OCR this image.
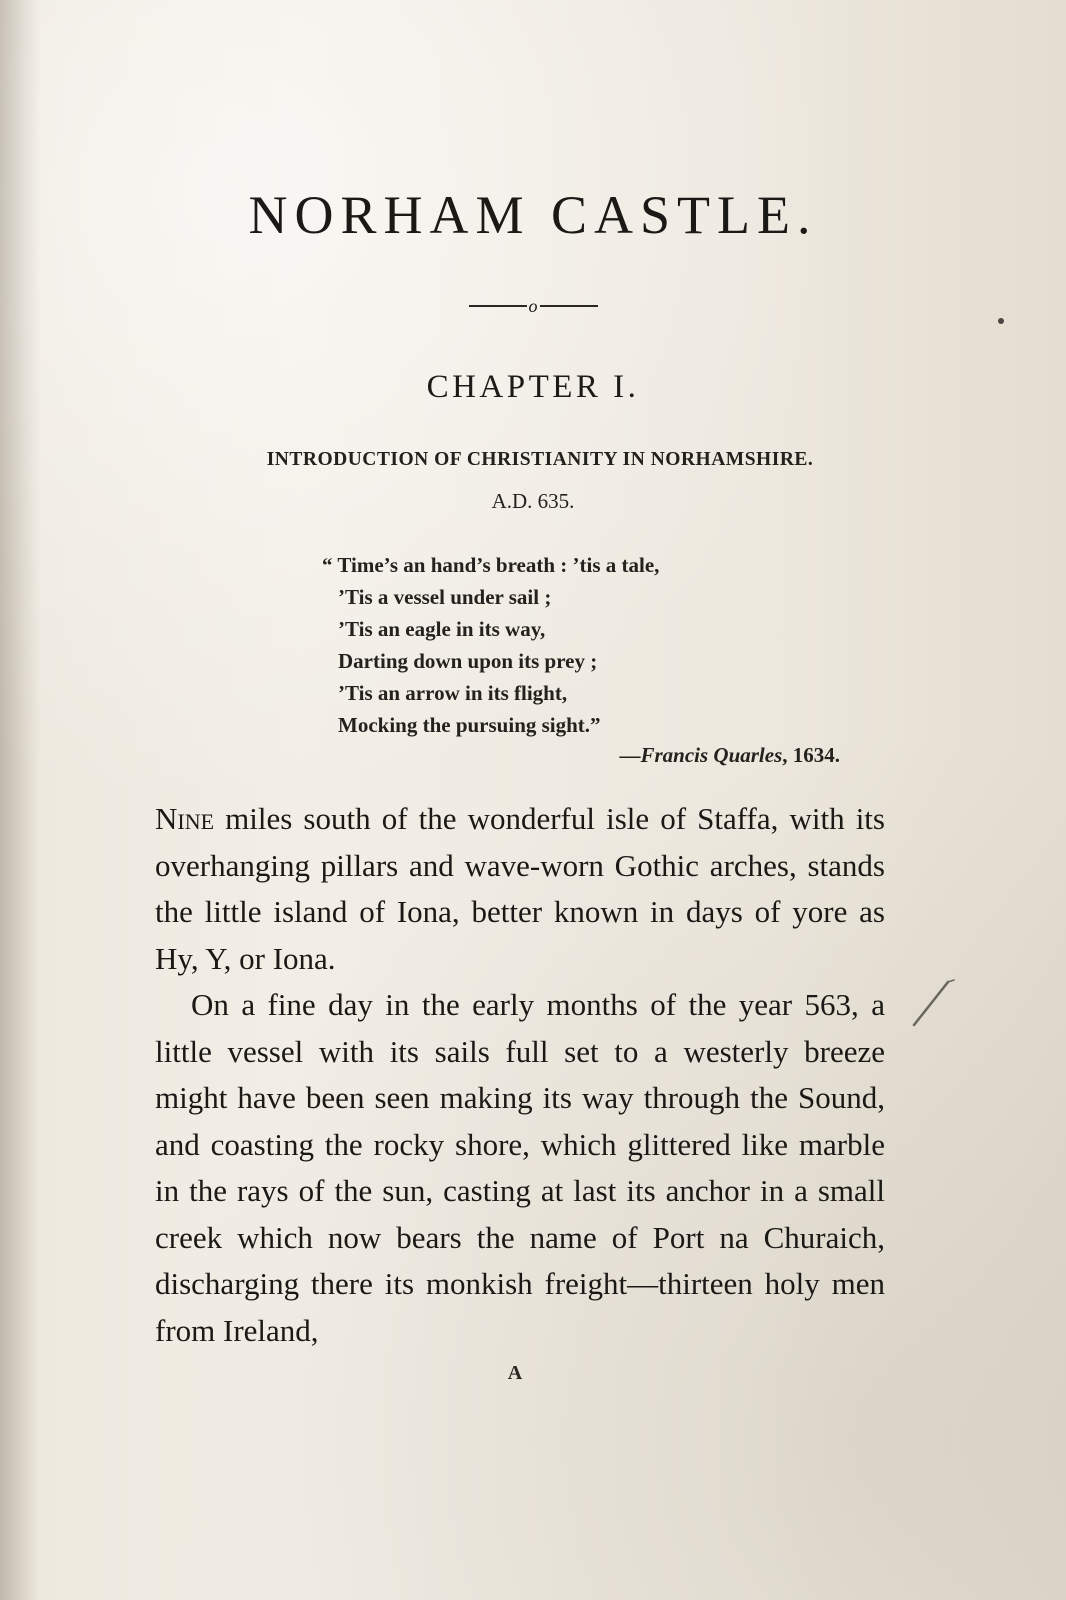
NORHAM CASTLE.
o
CHAPTER I.
INTRODUCTION OF CHRISTIANITY IN NORHAMSHIRE.
A.D. 635.
“ Time’s an hand’s breath : ’tis a tale,
’Tis a vessel under sail ;
’Tis an eagle in its way,
Darting down upon its prey ;
’Tis an arrow in its flight,
Mocking the pursuing sight.”
—Francis Quarles, 1634.

Nine miles south of the wonderful isle of Staffa, with its overhanging pillars and wave-worn Gothic arches, stands the little island of Iona, better known in days of yore as Hy, Y, or Iona.

On a fine day in the early months of the year 563, a little vessel with its sails full set to a westerly breeze might have been seen making its way through the Sound, and coasting the rocky shore, which glittered like marble in the rays of the sun, casting at last its anchor in a small creek which now bears the name of Port na Churaich, discharging there its monkish freight—thirteen holy men from Ireland,

A
